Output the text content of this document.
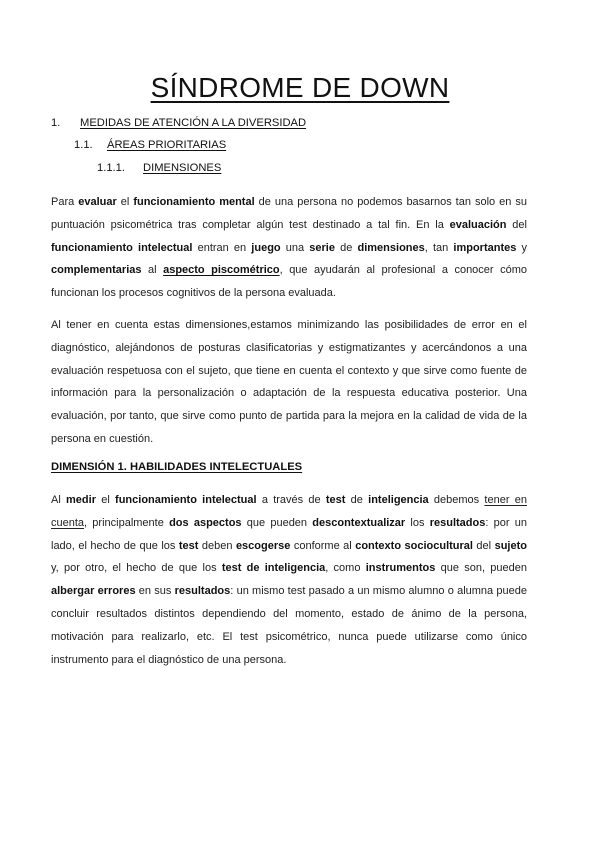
SÍNDROME DE DOWN
1. MEDIDAS DE ATENCIÓN A LA DIVERSIDAD
1.1. ÁREAS PRIORITARIAS
1.1.1. DIMENSIONES

Para evaluar el funcionamiento mental de una persona no podemos basarnos tan solo en su puntuación psicométrica tras completar algún test destinado a tal fin. En la evaluación del funcionamiento intelectual entran en juego una serie de dimensiones, tan importantes y complementarias al aspecto piscométrico, que ayudarán al profesional a conocer cómo funcionan los procesos cognitivos de la persona evaluada.

Al tener en cuenta estas dimensiones,estamos minimizando las posibilidades de error en el diagnóstico, alejándonos de posturas clasificatorias y estigmatizantes y acercándonos a una evaluación respetuosa con el sujeto, que tiene en cuenta el contexto y que sirve como fuente de información para la personalización o adaptación de la respuesta educativa posterior. Una evaluación, por tanto, que sirve como punto de partida para la mejora en la calidad de vida de la persona en cuestión.

DIMENSIÓN 1. HABILIDADES INTELECTUALES

Al medir el funcionamiento intelectual a través de test de inteligencia debemos tener en cuenta, principalmente dos aspectos que pueden descontextualizar los resultados: por un lado, el hecho de que los test deben escogerse conforme al contexto sociocultural del sujeto y, por otro, el hecho de que los test de inteligencia, como instrumentos que son, pueden albergar errores en sus resultados: un mismo test pasado a un mismo alumno o alumna puede concluir resultados distintos dependiendo del momento, estado de ánimo de la persona, motivación para realizarlo, etc. El test psicométrico, nunca puede utilizarse como único instrumento para el diagnóstico de una persona.
